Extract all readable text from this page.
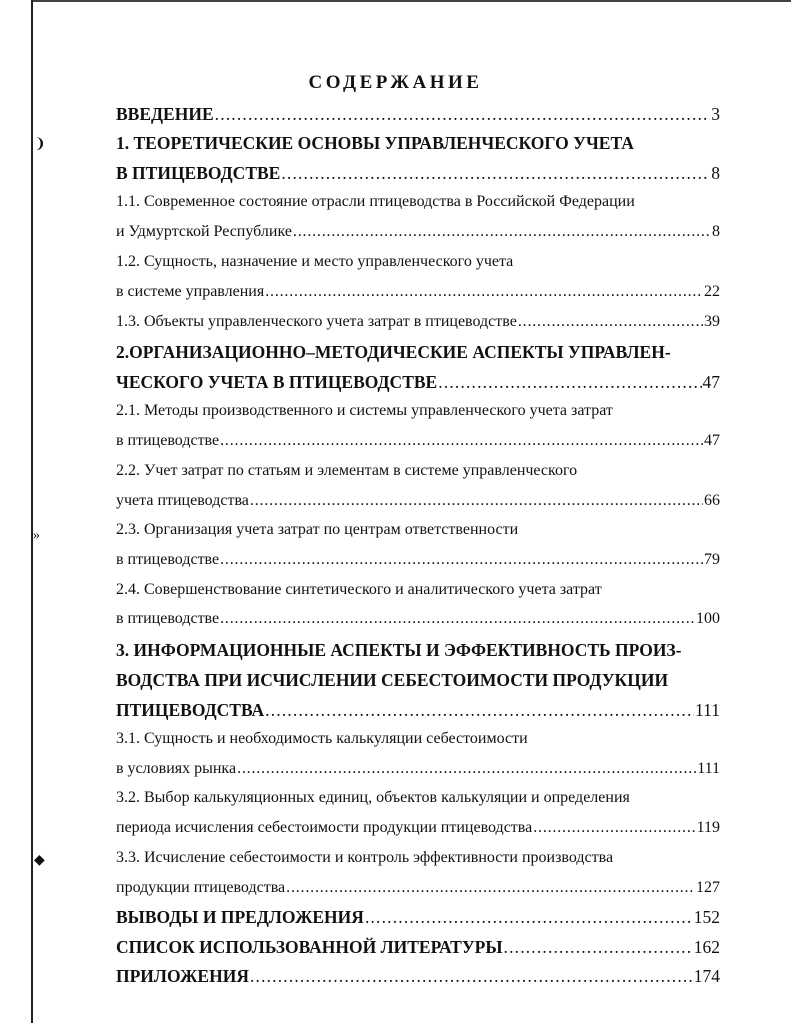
❩
»
◆
СОДЕРЖАНИЕ
ВВЕДЕНИЕ . . .	3
1. ТЕОРЕТИЧЕСКИЕ ОСНОВЫ УПРАВЛЕНЧЕСКОГО УЧЕТА
В ПТИЦЕВОДСТВЕ . . .	8
1.1. Современное состояние отрасли птицеводства в Российской Федерации
и Удмуртской Республике . . .	8
1.2. Сущность, назначение и место управленческого учета
в системе управления . . .	22
1.3. Объекты управленческого учета затрат в птицеводстве . . .	39
2.ОРГАНИЗАЦИОННО–МЕТОДИЧЕСКИЕ АСПЕКТЫ УПРАВЛЕН-
ЧЕСКОГО УЧЕТА В ПТИЦЕВОДСТВЕ . . .	47
2.1. Методы производственного и системы управленческого учета затрат
в птицеводстве . . .	47
2.2. Учет затрат по статьям и элементам в системе управленческого
учета птицеводства . . .	66
2.3. Организация учета затрат по центрам ответственности
в птицеводстве . . .	79
2.4. Совершенствование синтетического и аналитического учета затрат
в птицеводстве . . .	100
3. ИНФОРМАЦИОННЫЕ АСПЕКТЫ И ЭФФЕКТИВНОСТЬ ПРОИЗ-
ВОДСТВА ПРИ ИСЧИСЛЕНИИ СЕБЕСТОИМОСТИ ПРОДУКЦИИ
ПТИЦЕВОДСТВА . . .	111
3.1. Сущность и необходимость калькуляции себестоимости
в условиях рынка . . .	111
3.2. Выбор калькуляционных единиц, объектов калькуляции и определения
периода исчисления себестоимости продукции птицеводства . . .	119
3.3. Исчисление себестоимости и контроль эффективности производства
продукции птицеводства . . .	127
ВЫВОДЫ И ПРЕДЛОЖЕНИЯ . . .	152
СПИСОК ИСПОЛЬЗОВАННОЙ ЛИТЕРАТУРЫ . . .	162
ПРИЛОЖЕНИЯ . . .	174
